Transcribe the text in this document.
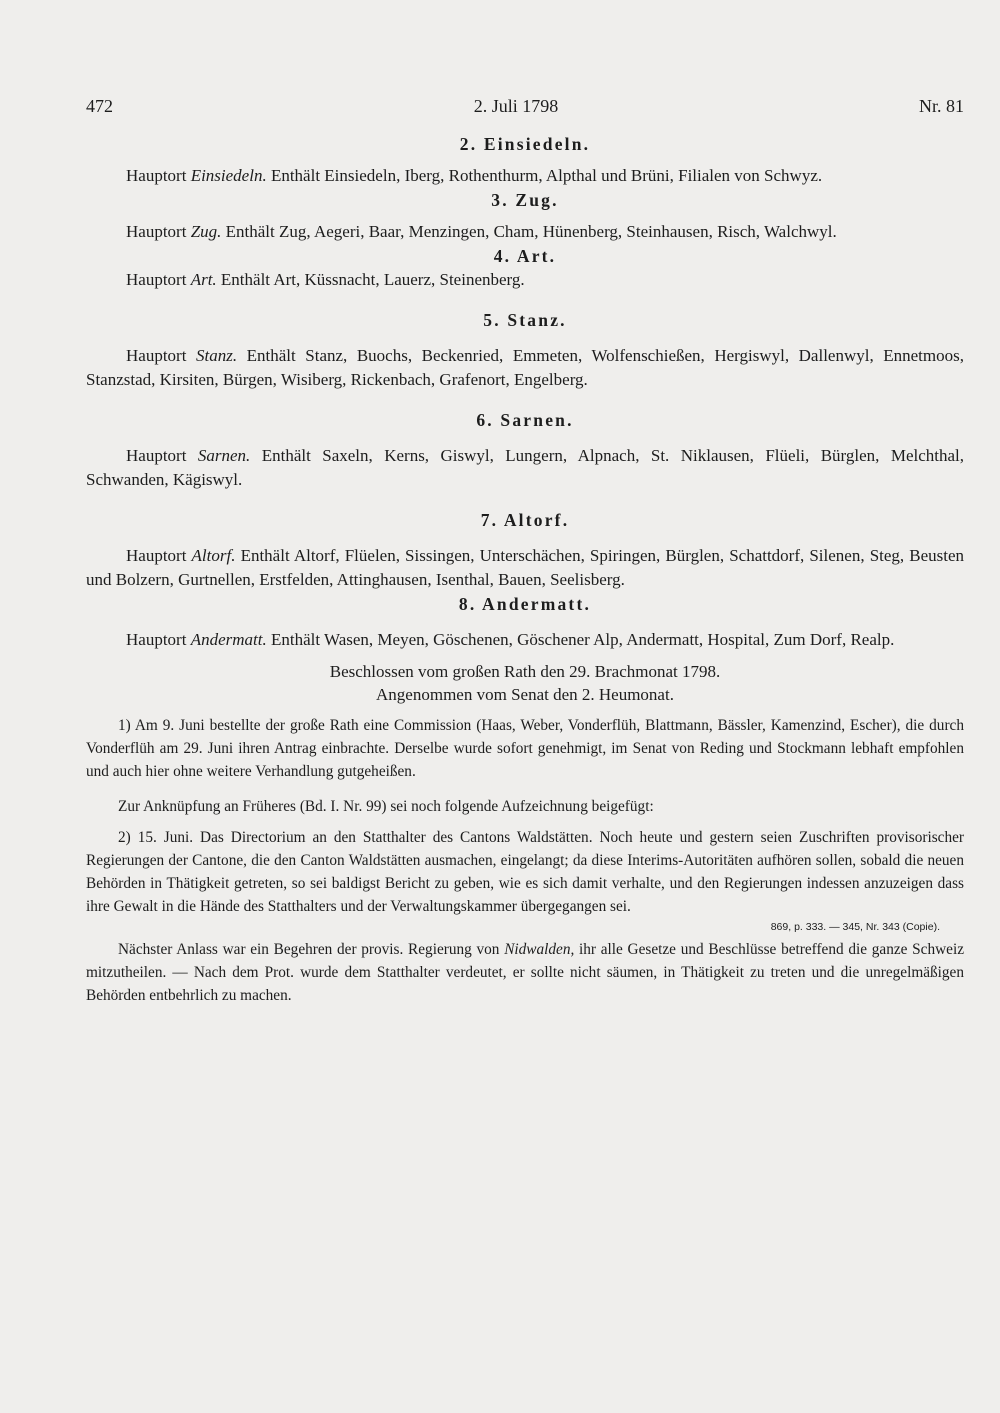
472	2. Juli 1798	Nr. 81
2. Einsiedeln.

Hauptort Einsiedeln. Enthält Einsiedeln, Iberg, Rothenthurm, Alpthal und Brüni, Filialen von Schwyz.

3. Zug.

Hauptort Zug. Enthält Zug, Aegeri, Baar, Menzingen, Cham, Hünenberg, Steinhausen, Risch, Walchwyl.

4. Art.

Hauptort Art. Enthält Art, Küssnacht, Lauerz, Steinenberg.

5. Stanz.

Hauptort Stanz. Enthält Stanz, Buochs, Beckenried, Emmeten, Wolfenschießen, Hergiswyl, Dallenwyl, Ennetmoos, Stanzstad, Kirsiten, Bürgen, Wisiberg, Rickenbach, Grafenort, Engelberg.

6. Sarnen.

Hauptort Sarnen. Enthält Saxeln, Kerns, Giswyl, Lungern, Alpnach, St. Niklausen, Flüeli, Bürglen, Melchthal, Schwanden, Kägiswyl.

7. Altorf.

Hauptort Altorf. Enthält Altorf, Flüelen, Sissingen, Unterschächen, Spiringen, Bürglen, Schattdorf, Silenen, Steg, Beusten und Bolzern, Gurtnellen, Erstfelden, Attinghausen, Isenthal, Bauen, Seelisberg.

8. Andermatt.

Hauptort Andermatt. Enthält Wasen, Meyen, Göschenen, Göschener Alp, Andermatt, Hospital, Zum Dorf, Realp.

Beschlossen vom großen Rath den 29. Brachmonat 1798.

Angenommen vom Senat den 2. Heumonat.

1) Am 9. Juni bestellte der große Rath eine Commission (Haas, Weber, Vonderflüh, Blattmann, Bässler, Kamenzind, Escher), die durch Vonderflüh am 29. Juni ihren Antrag einbrachte. Derselbe wurde sofort genehmigt, im Senat von Reding und Stockmann lebhaft empfohlen und auch hier ohne weitere Verhandlung gutgeheißen.

Zur Anknüpfung an Früheres (Bd. I. Nr. 99) sei noch folgende Aufzeichnung beigefügt:

2) 15. Juni. Das Directorium an den Statthalter des Cantons Waldstätten. Noch heute und gestern seien Zuschriften provisorischer Regierungen der Cantone, die den Canton Waldstätten ausmachen, eingelangt; da diese Interims-Autoritäten aufhören sollen, sobald die neuen Behörden in Thätigkeit getreten, so sei baldigst Bericht zu geben, wie es sich damit verhalte, und den Regierungen indessen anzuzeigen dass ihre Gewalt in die Hände des Statthalters und der Verwaltungskammer übergegangen sei.

869, p. 333. — 345, Nr. 343 (Copie).

Nächster Anlass war ein Begehren der provis. Regierung von Nidwalden, ihr alle Gesetze und Beschlüsse betreffend die ganze Schweiz mitzutheilen. — Nach dem Prot. wurde dem Statthalter verdeutet, er sollte nicht säumen, in Thätigkeit zu treten und die unregelmäßigen Behörden entbehrlich zu machen.
